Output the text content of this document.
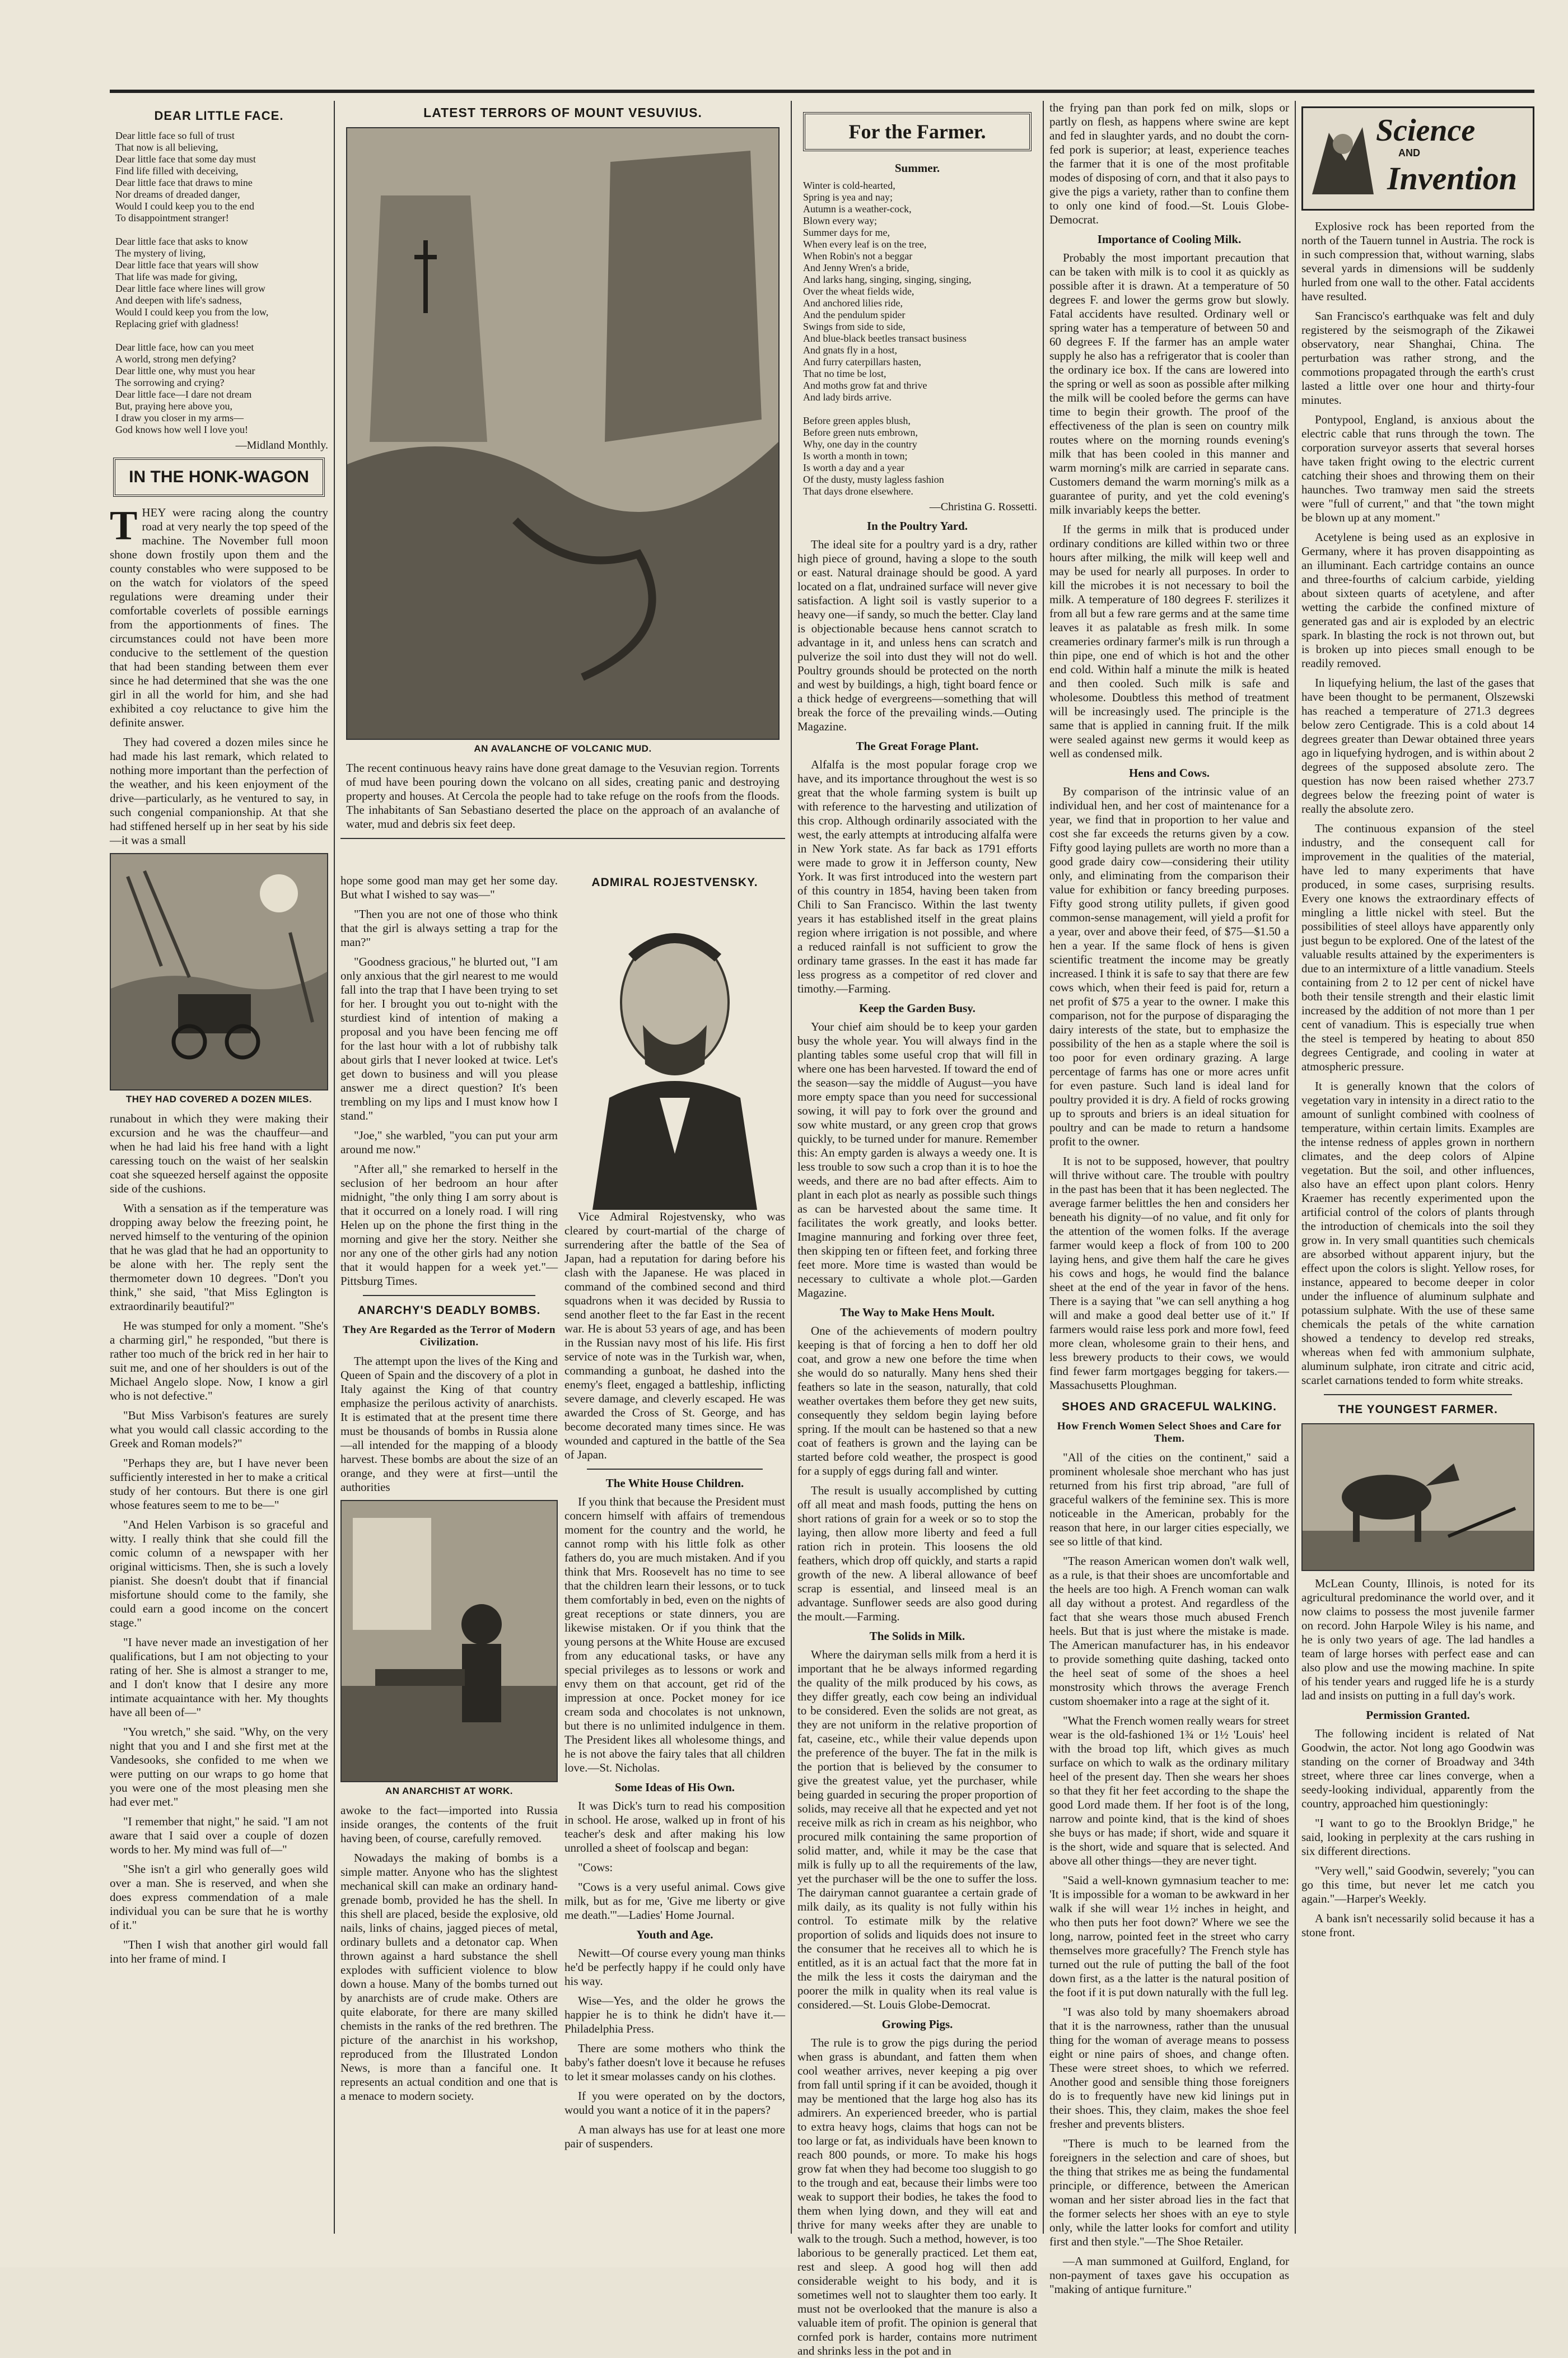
DEAR LITTLE FACE.
Dear little face so full of trust
That now is all believing,
Dear little face that some day must
Find life filled with deceiving,
Dear little face that draws to mine
Nor dreams of dreaded danger,
Would I could keep you to the end
To disappointment stranger!

Dear little face that asks to know
The mystery of living,
Dear little face that years will show
That life was made for giving,
Dear little face where lines will grow
And deepen with life's sadness,
Would I could keep you from the low,
Replacing grief with gladness!

Dear little face, how can you meet
A world, strong men defying?
Dear little one, why must you hear
The sorrowing and crying?
Dear little face—I dare not dream
But, praying here above you,
I draw you closer in my arms—
God knows how well I love you!
—Midland Monthly.
IN THE HONK-WAGON
T HEY were racing along the country road at very nearly the top speed of the machine. The November full moon shone down frostily upon them and the county constables who were supposed to be on the watch for violators of the speed regulations were dreaming under their comfortable coverlets of possible earnings from the apportionments of fines. The circumstances could not have been more conducive to the settlement of the question that had been standing between them ever since he had determined that she was the one girl in all the world for him, and she had exhibited a coy reluctance to give him the definite answer.

They had covered a dozen miles since he had made his last remark, which related to nothing more important than the perfection of the weather, and his keen enjoyment of the drive—particularly, as he ventured to say, in such congenial companionship. At that she had stiffened herself up in her seat by his side—it was a small

THEY HAD COVERED A DOZEN MILES.

runabout in which they were making their excursion and he was the chauffeur—and when he had laid his free hand with a light caressing touch on the waist of her sealskin coat she squeezed herself against the opposite side of the cushions.

With a sensation as if the temperature was dropping away below the freezing point, he nerved himself to the venturing of the opinion that he was glad that he had an opportunity to be alone with her. The reply sent the thermometer down 10 degrees. "Don't you think," she said, "that Miss Eglington is extraordinarily beautiful?"

He was stumped for only a moment. "She's a charming girl," he responded, "but there is rather too much of the brick red in her hair to suit me, and one of her shoulders is out of the Michael Angelo slope. Now, I know a girl who is not defective."

"But Miss Varbison's features are surely what you would call classic according to the Greek and Roman models?"

"Perhaps they are, but I have never been sufficiently interested in her to make a critical study of her contours. But there is one girl whose features seem to me to be—"

"And Helen Varbison is so graceful and witty. I really think that she could fill the comic column of a newspaper with her original witticisms. Then, she is such a lovely pianist. She doesn't doubt that if financial misfortune should come to the family, she could earn a good income on the concert stage."

"I have never made an investigation of her qualifications, but I am not objecting to your rating of her. She is almost a stranger to me, and I don't know that I desire any more intimate acquaintance with her. My thoughts have all been of—"

"You wretch," she said. "Why, on the very night that you and I and she first met at the Vandesooks, she confided to me when we were putting on our wraps to go home that you were one of the most pleasing men she had ever met."

"I remember that night," he said. "I am not aware that I said over a couple of dozen words to her. My mind was full of—"

"She isn't a girl who generally goes wild over a man. She is reserved, and when she does express commendation of a male individual you can be sure that he is worthy of it."

"Then I wish that another girl would fall into her frame of mind. I

LATEST TERRORS OF MOUNT VESUVIUS.
AN AVALANCHE OF VOLCANIC MUD.

The recent continuous heavy rains have done great damage to the Vesuvian region. Torrents of mud have been pouring down the volcano on all sides, creating panic and destroying property and houses. At Cercola the people had to take refuge on the roofs from the floods. The inhabitants of San Sebastiano deserted the place on the approach of an avalanche of water, mud and debris six feet deep.

hope some good man may get her some day. But what I wished to say was—"

"Then you are not one of those who think that the girl is always setting a trap for the man?"

"Goodness gracious," he blurted out, "I am only anxious that the girl nearest to me would fall into the trap that I have been trying to set for her. I brought you out to-night with the sturdiest kind of intention of making a proposal and you have been fencing me off for the last hour with a lot of rubbishy talk about girls that I never looked at twice. Let's get down to business and will you please answer me a direct question? It's been trembling on my lips and I must know how I stand."

"Joe," she warbled, "you can put your arm around me now."

"After all," she remarked to herself in the seclusion of her bedroom an hour after midnight, "the only thing I am sorry about is that it occurred on a lonely road. I will ring Helen up on the phone the first thing in the morning and give her the story. Neither she nor any one of the other girls had any notion that it would happen for a week yet."—Pittsburg Times.

ANARCHY'S DEADLY BOMBS.
They Are Regarded as the Terror of Modern Civilization.

The attempt upon the lives of the King and Queen of Spain and the discovery of a plot in Italy against the King of that country emphasize the perilous activity of anarchists. It is estimated that at the present time there must be thousands of bombs in Russia alone—all intended for the mapping of a bloody harvest. These bombs are about the size of an orange, and they were at first—until the authorities

AN ANARCHIST AT WORK.

awoke to the fact—imported into Russia inside oranges, the contents of the fruit having been, of course, carefully removed.

Nowadays the making of bombs is a simple matter. Anyone who has the slightest mechanical skill can make an ordinary hand-grenade bomb, provided he has the shell. In this shell are placed, beside the explosive, old nails, links of chains, jagged pieces of metal, ordinary bullets and a detonator cap. When thrown against a hard substance the shell explodes with sufficient violence to blow down a house. Many of the bombs turned out by anarchists are of crude make. Others are quite elaborate, for there are many skilled chemists in the ranks of the red brethren. The picture of the anarchist in his workshop, reproduced from the Illustrated London News, is more than a fanciful one. It represents an actual condition and one that is a menace to modern society.

ADMIRAL ROJESTVENSKY.

Vice Admiral Rojestvensky, who was cleared by court-martial of the charge of surrendering after the battle of the Sea of Japan, had a reputation for daring before his clash with the Japanese. He was placed in command of the combined second and third squadrons when it was decided by Russia to send another fleet to the far East in the recent war. He is about 53 years of age, and has been in the Russian navy most of his life. His first service of note was in the Turkish war, when, commanding a gunboat, he dashed into the enemy's fleet, engaged a battleship, inflicting severe damage, and cleverly escaped. He was awarded the Cross of St. George, and has become decorated many times since. He was wounded and captured in the battle of the Sea of Japan.

The White House Children.

If you think that because the President must concern himself with affairs of tremendous moment for the country and the world, he cannot romp with his little folk as other fathers do, you are much mistaken. And if you think that Mrs. Roosevelt has no time to see that the children learn their lessons, or to tuck them comfortably in bed, even on the nights of great receptions or state dinners, you are likewise mistaken. Or if you think that the young persons at the White House are excused from any educational tasks, or have any special privileges as to lessons or work and envy them on that account, get rid of the impression at once. Pocket money for ice cream soda and chocolates is not unknown, but there is no unlimited indulgence in them. The President likes all wholesome things, and he is not above the fairy tales that all children love.—St. Nicholas.

Some Ideas of His Own.

It was Dick's turn to read his composition in school. He arose, walked up in front of his teacher's desk and after making his low unrolled a sheet of foolscap and began:

"Cows:

"Cows is a very useful animal. Cows give milk, but as for me, 'Give me liberty or give me death.'"—Ladies' Home Journal.

Youth and Age.

Newitt—Of course every young man thinks he'd be perfectly happy if he could only have his way.

Wise—Yes, and the older he grows the happier he is to think he didn't have it.—Philadelphia Press.

There are some mothers who think the baby's father doesn't love it because he refuses to let it smear molasses candy on his clothes.

If you were operated on by the doctors, would you want a notice of it in the papers?

A man always has use for at least one more pair of suspenders.

For the Farmer.
Summer.
Winter is cold-hearted,
Spring is yea and nay;
Autumn is a weather-cock,
Blown every way;
Summer days for me,
When every leaf is on the tree,
When Robin's not a beggar
And Jenny Wren's a bride,
And larks hang, singing, singing, singing,
Over the wheat fields wide,
And anchored lilies ride,
And the pendulum spider
Swings from side to side,
And blue-black beetles transact business
And gnats fly in a host,
And furry caterpillars hasten,
That no time be lost,
And moths grow fat and thrive
And lady birds arrive.

Before green apples blush,
Before green nuts embrown,
Why, one day in the country
Is worth a month in town;
Is worth a day and a year
Of the dusty, musty lagless fashion
That days drone elsewhere.
—Christina G. Rossetti.
In the Poultry Yard.

The ideal site for a poultry yard is a dry, rather high piece of ground, having a slope to the south or east. Natural drainage should be good. A yard located on a flat, undrained surface will never give satisfaction. A light soil is vastly superior to a heavy one—if sandy, so much the better. Clay land is objectionable because hens cannot scratch to advantage in it, and unless hens can scratch and pulverize the soil into dust they will not do well. Poultry grounds should be protected on the north and west by buildings, a high, tight board fence or a thick hedge of evergreens—something that will break the force of the prevailing winds.—Outing Magazine.

The Great Forage Plant.

Alfalfa is the most popular forage crop we have, and its importance throughout the west is so great that the whole farming system is built up with reference to the harvesting and utilization of this crop. Although ordinarily associated with the west, the early attempts at introducing alfalfa were in New York state. As far back as 1791 efforts were made to grow it in Jefferson county, New York. It was first introduced into the western part of this country in 1854, having been taken from Chili to San Francisco. Within the last twenty years it has established itself in the great plains region where irrigation is not possible, and where a reduced rainfall is not sufficient to grow the ordinary tame grasses. In the east it has made far less progress as a competitor of red clover and timothy.—Farming.

Keep the Garden Busy.

Your chief aim should be to keep your garden busy the whole year. You will always find in the planting tables some useful crop that will fill in where one has been harvested. If toward the end of the season—say the middle of August—you have more empty space than you need for successional sowing, it will pay to fork over the ground and sow white mustard, or any green crop that grows quickly, to be turned under for manure. Remember this: An empty garden is always a weedy one. It is less trouble to sow such a crop than it is to hoe the weeds, and there are no bad after effects. Aim to plant in each plot as nearly as possible such things as can be harvested about the same time. It facilitates the work greatly, and looks better. Imagine mannuring and forking over three feet, then skipping ten or fifteen feet, and forking three feet more. More time is wasted than would be necessary to cultivate a whole plot.—Garden Magazine.

The Way to Make Hens Moult.

One of the achievements of modern poultry keeping is that of forcing a hen to doff her old coat, and grow a new one before the time when she would do so naturally. Many hens shed their feathers so late in the season, naturally, that cold weather overtakes them before they get new suits, consequently they seldom begin laying before spring. If the moult can be hastened so that a new coat of feathers is grown and the laying can be started before cold weather, the prospect is good for a supply of eggs during fall and winter.

The result is usually accomplished by cutting off all meat and mash foods, putting the hens on short rations of grain for a week or so to stop the laying, then allow more liberty and feed a full ration rich in protein. This loosens the old feathers, which drop off quickly, and starts a rapid growth of the new. A liberal allowance of beef scrap is essential, and linseed meal is an advantage. Sunflower seeds are also good during the moult.—Farming.

The Solids in Milk.

Where the dairyman sells milk from a herd it is important that he be always informed regarding the quality of the milk produced by his cows, as they differ greatly, each cow being an individual to be considered. Even the solids are not great, as they are not uniform in the relative proportion of fat, caseine, etc., while their value depends upon the preference of the buyer. The fat in the milk is the portion that is believed by the consumer to give the greatest value, yet the purchaser, while being guarded in securing the proper proportion of solids, may receive all that he expected and yet not receive milk as rich in cream as his neighbor, who procured milk containing the same proportion of solid matter, and, while it may be the case that milk is fully up to all the requirements of the law, yet the purchaser will be the one to suffer the loss. The dairyman cannot guarantee a certain grade of milk daily, as its quality is not fully within his control. To estimate milk by the relative proportion of solids and liquids does not insure to the consumer that he receives all to which he is entitled, as it is an actual fact that the more fat in the milk the less it costs the dairyman and the poorer the milk in quality when its real value is considered.—St. Louis Globe-Democrat.

Growing Pigs.

The rule is to grow the pigs during the period when grass is abundant, and fatten them when cool weather arrives, never keeping a pig over from fall until spring if it can be avoided, though it may be mentioned that the large hog also has its admirers. An experienced breeder, who is partial to extra heavy hogs, claims that hogs can not be too large or fat, as individuals have been known to reach 800 pounds, or more. To make his hogs grow fat when they had become too sluggish to go to the trough and eat, because their limbs were too weak to support their bodies, he takes the food to them when lying down, and they will eat and thrive for many weeks after they are unable to walk to the trough. Such a method, however, is too laborious to be generally practiced. Let them eat, rest and sleep. A good hog will then add considerable weight to his body, and it is sometimes well not to slaughter them too early. It must not be overlooked that the manure is also a valuable item of profit. The opinion is general that cornfed pork is harder, contains more nutriment and shrinks less in the pot and in

the frying pan than pork fed on milk, slops or partly on flesh, as happens where swine are kept and fed in slaughter yards, and no doubt the corn-fed pork is superior; at least, experience teaches the farmer that it is one of the most profitable modes of disposing of corn, and that it also pays to give the pigs a variety, rather than to confine them to only one kind of food.—St. Louis Globe-Democrat.

Importance of Cooling Milk.

Probably the most important precaution that can be taken with milk is to cool it as quickly as possible after it is drawn. At a temperature of 50 degrees F. and lower the germs grow but slowly. Fatal accidents have resulted. Ordinary well or spring water has a temperature of between 50 and 60 degrees F. If the farmer has an ample water supply he also has a refrigerator that is cooler than the ordinary ice box. If the cans are lowered into the spring or well as soon as possible after milking the milk will be cooled before the germs can have time to begin their growth. The proof of the effectiveness of the plan is seen on country milk routes where on the morning rounds evening's milk that has been cooled in this manner and warm morning's milk are carried in separate cans. Customers demand the warm morning's milk as a guarantee of purity, and yet the cold evening's milk invariably keeps the better.

If the germs in milk that is produced under ordinary conditions are killed within two or three hours after milking, the milk will keep well and may be used for nearly all purposes. In order to kill the microbes it is not necessary to boil the milk. A temperature of 180 degrees F. sterilizes it from all but a few rare germs and at the same time leaves it as palatable as fresh milk. In some creameries ordinary farmer's milk is run through a thin pipe, one end of which is hot and the other end cold. Within half a minute the milk is heated and then cooled. Such milk is safe and wholesome. Doubtless this method of treatment will be increasingly used. The principle is the same that is applied in canning fruit. If the milk were sealed against new germs it would keep as well as condensed milk.

Hens and Cows.

By comparison of the intrinsic value of an individual hen, and her cost of maintenance for a year, we find that in proportion to her value and cost she far exceeds the returns given by a cow. Fifty good laying pullets are worth no more than a good grade dairy cow—considering their utility only, and eliminating from the comparison their value for exhibition or fancy breeding purposes. Fifty good strong utility pullets, if given good common-sense management, will yield a profit for a year, over and above their feed, of $75—$1.50 a hen a year. If the same flock of hens is given scientific treatment the income may be greatly increased. I think it is safe to say that there are few cows which, when their feed is paid for, return a net profit of $75 a year to the owner. I make this comparison, not for the purpose of disparaging the dairy interests of the state, but to emphasize the possibility of the hen as a staple where the soil is too poor for even ordinary grazing. A large percentage of farms has one or more acres unfit for even pasture. Such land is ideal land for poultry provided it is dry. A field of rocks growing up to sprouts and briers is an ideal situation for poultry and can be made to return a handsome profit to the owner.

It is not to be supposed, however, that poultry will thrive without care. The trouble with poultry in the past has been that it has been neglected. The average farmer belittles the hen and considers her beneath his dignity—of no value, and fit only for the attention of the women folks. If the average farmer would keep a flock of from 100 to 200 laying hens, and give them half the care he gives his cows and hogs, he would find the balance sheet at the end of the year in favor of the hens. There is a saying that "we can sell anything a hog will and make a good deal better use of it." If farmers would raise less pork and more fowl, feed more clean, wholesome grain to their hens, and less brewery products to their cows, we would find fewer farm mortgages begging for takers.—Massachusetts Ploughman.

SHOES AND GRACEFUL WALKING.
How French Women Select Shoes and Care for Them.

"All of the cities on the continent," said a prominent wholesale shoe merchant who has just returned from his first trip abroad, "are full of graceful walkers of the feminine sex. This is more noticeable in the American, probably for the reason that here, in our larger cities especially, we see so little of that kind.

"The reason American women don't walk well, as a rule, is that their shoes are uncomfortable and the heels are too high. A French woman can walk all day without a protest. And regardless of the fact that she wears those much abused French heels. But that is just where the mistake is made. The American manufacturer has, in his endeavor to provide something quite dashing, tacked onto the heel seat of some of the shoes a heel monstrosity which throws the average French custom shoemaker into a rage at the sight of it.

"What the French women really wears for street wear is the old-fashioned 1¾ or 1½ 'Louis' heel with the broad top lift, which gives as much surface on which to walk as the ordinary military heel of the present day. Then she wears her shoes so that they fit her feet according to the shape the good Lord made them. If her foot is of the long, narrow and pointe kind, that is the kind of shoes she buys or has made; if short, wide and square it is the short, wide and square that is selected. And above all other things—they are never tight.

"Said a well-known gymnasium teacher to me: 'It is impossible for a woman to be awkward in her walk if she will wear 1½ inches in height, and who then puts her foot down?' Where we see the long, narrow, pointed feet in the street who carry themselves more gracefully? The French style has turned out the rule of putting the ball of the foot down first, as a the latter is the natural position of the foot if it is put down naturally with the full leg.

"I was also told by many shoemakers abroad that it is the narrowness, rather than the unusual thing for the woman of average means to possess eight or nine pairs of shoes, and change often. These were street shoes, to which we referred. Another good and sensible thing those foreigners do is to frequently have new kid linings put in their shoes. This, they claim, makes the shoe feel fresher and prevents blisters.

"There is much to be learned from the foreigners in the selection and care of shoes, but the thing that strikes me as being the fundamental principle, or difference, between the American woman and her sister abroad lies in the fact that the former selects her shoes with an eye to style only, while the latter looks for comfort and utility first and then style."—The Shoe Retailer.

—A man summoned at Guilford, England, for non-payment of taxes gave his occupation as "making of antique furniture."

Science
AND
Invention

Explosive rock has been reported from the north of the Tauern tunnel in Austria. The rock is in such compression that, without warning, slabs several yards in dimensions will be suddenly hurled from one wall to the other. Fatal accidents have resulted.

San Francisco's earthquake was felt and duly registered by the seismograph of the Zikawei observatory, near Shanghai, China. The perturbation was rather strong, and the commotions propagated through the earth's crust lasted a little over one hour and thirty-four minutes.

Pontypool, England, is anxious about the electric cable that runs through the town. The corporation surveyor asserts that several horses have taken fright owing to the electric current catching their shoes and throwing them on their haunches. Two tramway men said the streets were "full of current," and that "the town might be blown up at any moment."

Acetylene is being used as an explosive in Germany, where it has proven disappointing as an illuminant. Each cartridge contains an ounce and three-fourths of calcium carbide, yielding about sixteen quarts of acetylene, and after wetting the carbide the confined mixture of generated gas and air is exploded by an electric spark. In blasting the rock is not thrown out, but is broken up into pieces small enough to be readily removed.

In liquefying helium, the last of the gases that have been thought to be permanent, Olszewski has reached a temperature of 271.3 degrees below zero Centigrade. This is a cold about 14 degrees greater than Dewar obtained three years ago in liquefying hydrogen, and is within about 2 degrees of the supposed absolute zero. The question has now been raised whether 273.7 degrees below the freezing point of water is really the absolute zero.

The continuous expansion of the steel industry, and the consequent call for improvement in the qualities of the material, have led to many experiments that have produced, in some cases, surprising results. Every one knows the extraordinary effects of mingling a little nickel with steel. But the possibilities of steel alloys have apparently only just begun to be explored. One of the latest of the valuable results attained by the experimenters is due to an intermixture of a little vanadium. Steels containing from 2 to 12 per cent of nickel have both their tensile strength and their elastic limit increased by the addition of not more than 1 per cent of vanadium. This is especially true when the steel is tempered by heating to about 850 degrees Centigrade, and cooling in water at atmospheric pressure.

It is generally known that the colors of vegetation vary in intensity in a direct ratio to the amount of sunlight combined with coolness of temperature, within certain limits. Examples are the intense redness of apples grown in northern climates, and the deep colors of Alpine vegetation. But the soil, and other influences, also have an effect upon plant colors. Henry Kraemer has recently experimented upon the artificial control of the colors of plants through the introduction of chemicals into the soil they grow in. In very small quantities such chemicals are absorbed without apparent injury, but the effect upon the colors is slight. Yellow roses, for instance, appeared to become deeper in color under the influence of aluminum sulphate and potassium sulphate. With the use of these same chemicals the petals of the white carnation showed a tendency to develop red streaks, whereas when fed with ammonium sulphate, aluminum sulphate, iron citrate and citric acid, scarlet carnations tended to form white streaks.

THE YOUNGEST FARMER.

McLean County, Illinois, is noted for its agricultural predominance the world over, and it now claims to possess the most juvenile farmer on record. John Harpole Wiley is his name, and he is only two years of age. The lad handles a team of large horses with perfect ease and can also plow and use the mowing machine. In spite of his tender years and rugged life he is a sturdy lad and insists on putting in a full day's work.

Permission Granted.

The following incident is related of Nat Goodwin, the actor. Not long ago Goodwin was standing on the corner of Broadway and 34th street, where three car lines converge, when a seedy-looking individual, apparently from the country, approached him questioningly:

"I want to go to the Brooklyn Bridge," he said, looking in perplexity at the cars rushing in six different directions.

"Very well," said Goodwin, severely; "you can go this time, but never let me catch you again."—Harper's Weekly.

A bank isn't necessarily solid because it has a stone front.
